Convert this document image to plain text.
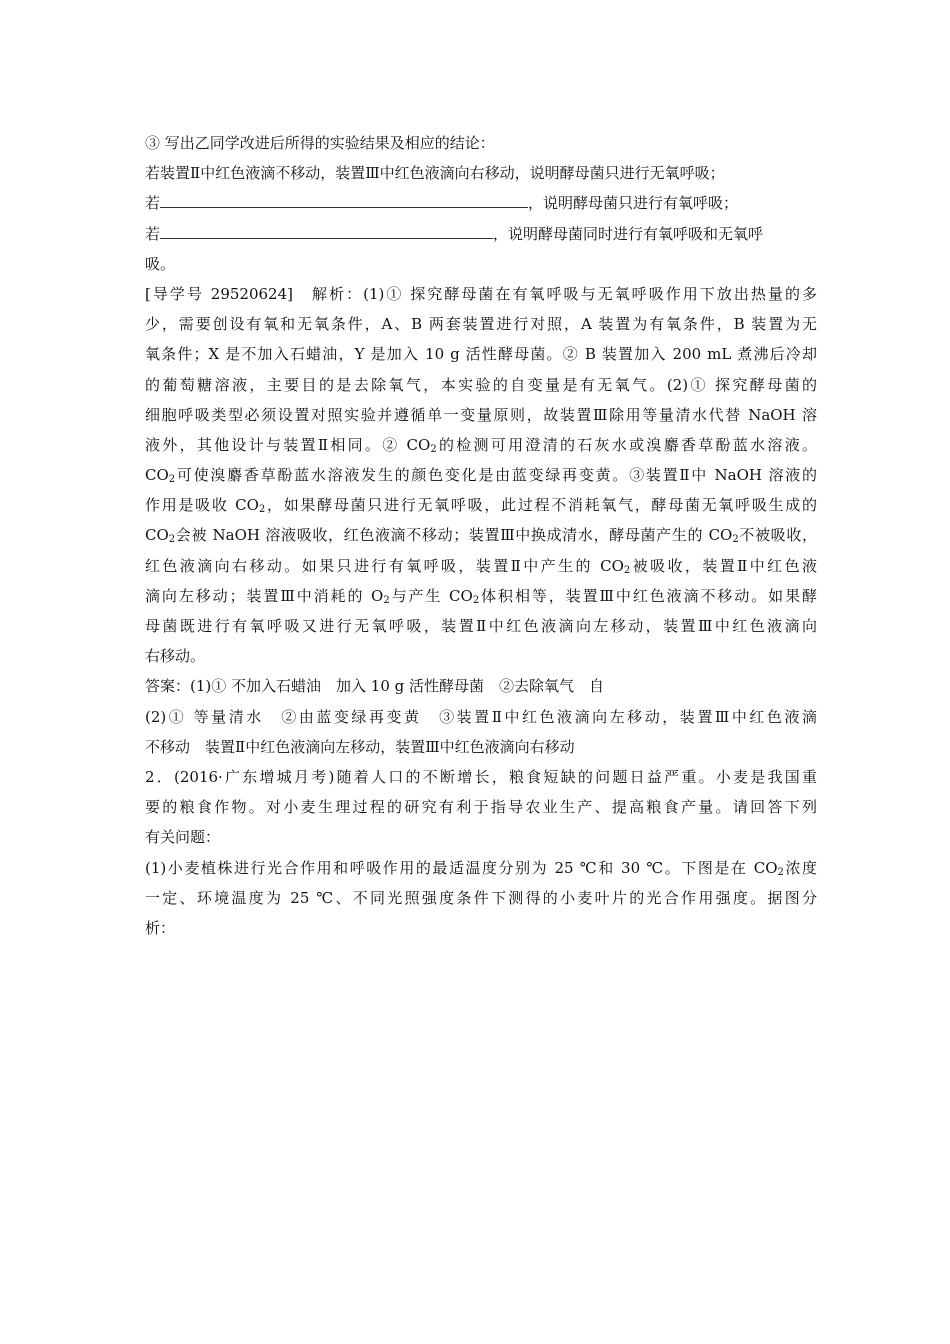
③ 写出乙同学改进后所得的实验结果及相应的结论：
若装置Ⅱ中红色液滴不移动，装置Ⅲ中红色液滴向右移动，说明酵母菌只进行无氧呼吸；
若	，说明酵母菌只进行有氧呼吸；
若	，说明酵母菌同时进行有氧呼吸和无氧呼
吸。
[导学号 29520624]　解析：(1)① 探究酵母菌在有氧呼吸与无氧呼吸作用下放出热量的多
少，需要创设有氧和无氧条件，A、B 两套装置进行对照，A 装置为有氧条件，B 装置为无
氧条件；X 是不加入石蜡油，Y 是加入 10 g 活性酵母菌。② B 装置加入 200 mL 煮沸后冷却
的葡萄糖溶液，主要目的是去除氧气，本实验的自变量是有无氧气。(2)① 探究酵母菌的
细胞呼吸类型必须设置对照实验并遵循单一变量原则，故装置Ⅲ除用等量清水代替 NaOH 溶
液外，其他设计与装置Ⅱ相同。② $CO_2$的检测可用澄清的石灰水或溴麝香草酚蓝水溶液。
$CO_2$可使溴麝香草酚蓝水溶液发生的颜色变化是由蓝变绿再变黄。③装置Ⅱ中 NaOH 溶液的
作用是吸收 $CO_2$，如果酵母菌只进行无氧呼吸，此过程不消耗氧气，酵母菌无氧呼吸生成的
$CO_2$会被 NaOH 溶液吸收，红色液滴不移动；装置Ⅲ中换成清水，酵母菌产生的 $CO_2$不被吸收，
红色液滴向右移动。如果只进行有氧呼吸，装置Ⅱ中产生的 $CO_2$被吸收，装置Ⅱ中红色液
滴向左移动；装置Ⅲ中消耗的 $O_2$与产生 $CO_2$体积相等，装置Ⅲ中红色液滴不移动。如果酵
母菌既进行有氧呼吸又进行无氧呼吸，装置Ⅱ中红色液滴向左移动，装置Ⅲ中红色液滴向
右移动。
答案：(1)① 不加入石蜡油　加入 10 g 活性酵母菌　②去除氧气　自
(2)① 等量清水　②由蓝变绿再变黄　③装置Ⅱ中红色液滴向左移动，装置Ⅲ中红色液滴
不移动　装置Ⅱ中红色液滴向左移动，装置Ⅲ中红色液滴向右移动
2．(2016·广东增城月考)随着人口的不断增长，粮食短缺的问题日益严重。小麦是我国重
要的粮食作物。对小麦生理过程的研究有利于指导农业生产、提高粮食产量。请回答下列
有关问题：
(1)小麦植株进行光合作用和呼吸作用的最适温度分别为 25 ℃和 30 ℃。下图是在 $CO_2$浓度
一定、环境温度为 25 ℃、不同光照强度条件下测得的小麦叶片的光合作用强度。据图分
析：
